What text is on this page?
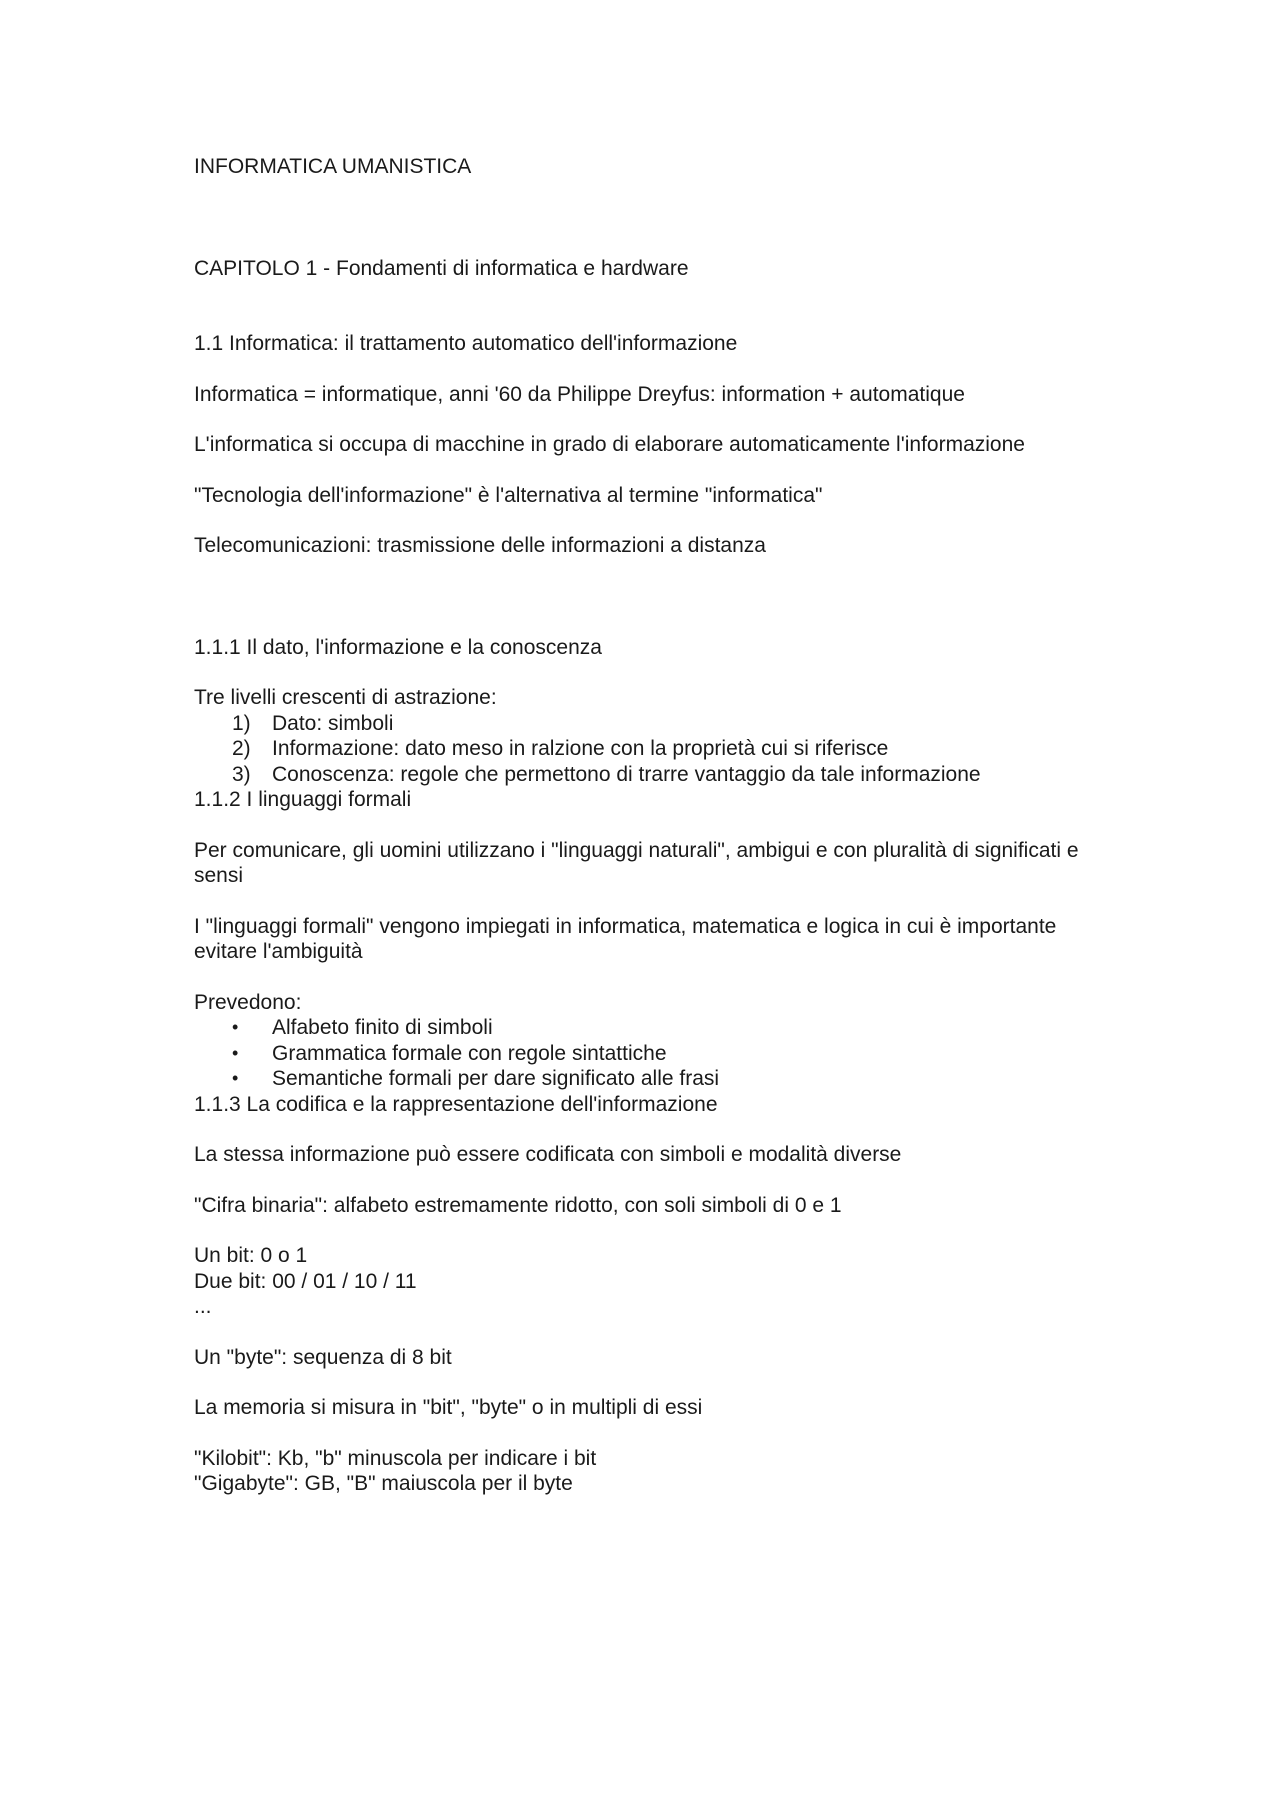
INFORMATICA UMANISTICA

CAPITOLO 1 - Fondamenti di informatica e hardware

1.1 Informatica: il trattamento automatico dell'informazione

Informatica = informatique, anni '60 da Philippe Dreyfus: information + automatique

L'informatica si occupa di macchine in grado di elaborare automaticamente l'informazione

"Tecnologia dell'informazione" è l'alternativa al termine "informatica"

Telecomunicazioni: trasmissione delle informazioni a distanza

1.1.1 Il dato, l'informazione e la conoscenza

Tre livelli crescenti di astrazione:

1)	Dato: simboli
2)	Informazione: dato meso in ralzione con la proprietà cui si riferisce
3)	Conoscenza: regole che permettono di trarre vantaggio da tale informazione

1.1.2 I linguaggi formali

Per comunicare, gli uomini utilizzano i "linguaggi naturali", ambigui e con pluralità di significati e sensi

I "linguaggi formali" vengono impiegati in informatica, matematica e logica in cui è importante evitare l'ambiguità

Prevedono:

• Alfabeto finito di simboli
• Grammatica formale con regole sintattiche
• Semantiche formali per dare significato alle frasi

1.1.3 La codifica e la rappresentazione dell'informazione

La stessa informazione può essere codificata con simboli e modalità diverse

"Cifra binaria": alfabeto estremamente ridotto, con soli simboli di 0 e 1

Un bit: 0 o 1

Due bit: 00 / 01 / 10 / 11

...

Un "byte": sequenza di 8 bit

La memoria si misura in "bit", "byte" o in multipli di essi

"Kilobit": Kb, "b" minuscola per indicare i bit

"Gigabyte": GB, "B" maiuscola per il byte
